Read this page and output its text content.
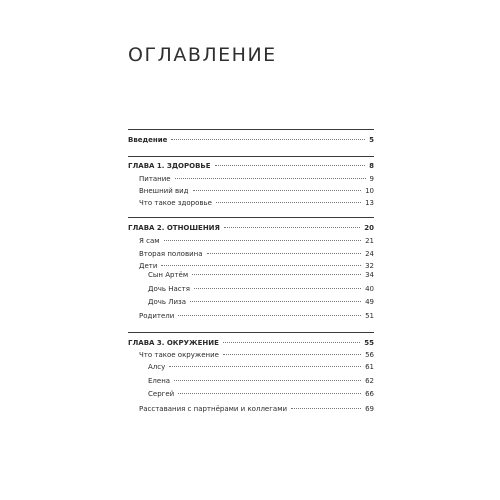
ОГЛАВЛЕНИЕ
Введение	5
ГЛАВА 1. ЗДОРОВЬЕ	8
Питание	9
Внешний вид	10
Что такое здоровье	13
ГЛАВА 2. ОТНОШЕНИЯ	20
Я сам	21
Вторая половина	24
Дети	32
Сын Артём	34
Дочь Настя	40
Дочь Лиза	49
Родители	51
ГЛАВА 3. ОКРУЖЕНИЕ	55
Что такое окружение	56
Алсу	61
Елена	62
Сергей	66
Расставания с партнёрами и коллегами	69
